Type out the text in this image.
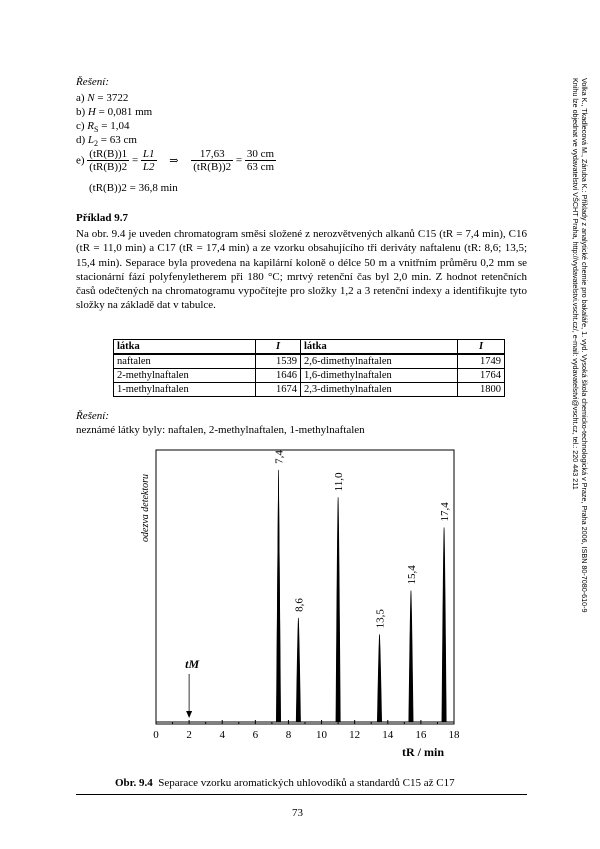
Řešení:
a) N = 3722
b) H = 0,081 mm
c) $R_S = 1,04$
d) $L_2 = 63$ cm
$e) \frac{(tR(B))1}{(tR(B))2} = \frac{L1}{L2}$ ⇒ $\frac{17,63}{(tR(B))2} = \frac{30 cm}{63 cm}$
(tR(B))2 = 36,8 min
Příklad 9.7
Na obr. 9.4 je uveden chromatogram směsi složené z nerozvětvených alkanů C15 (tR = 7,4 min), C16 (tR = 11,0 min) a C17 (tR = 17,4 min) a ze vzorku obsahujícího tři deriváty naftalenu (tR: 8,6; 13,5; 15,4 min). Separace byla provedena na kapilární koloně o délce 50 m a vnitřním průměru 0,2 mm se stacionární fází polyfenyletherem při 180 °C; mrtvý retenční čas byl 2,0 min. Z hodnot retenčních časů odečtených na chromatogramu vypočítejte pro složky 1,2 a 3 retenční indexy a identifikujte tyto složky na základě dat v tabulce.
látka	I	látka	I
naftalen	1539	2,6-dimethylnaftalen	1749
2-methylnaftalen	1646	1,6-dimethylnaftalen	1764
1-methylnaftalen	1674	2,3-dimethylnaftalen	1800
Řešení:
neznámé látky byly: naftalen, 2-methylnaftalen, 1-methylnaftalen
0	2	4	6	8 10 12 14 16 18
7,4
8,6
11,0
13,5
15,4
17,4
tM
odezva detektoru
tR / min
Obr. 9.4 Separace vzorku aromatických uhlovodíků a standardů C15 až C17
73
Volka K., Tkadlecová M., Záruba K.: Příklady z analytické chemie pro bakaláře, 1. vyd. Vysoká škola chemicko-technologická v Praze, Praha 2006, ISBN 80-7080-610-9
Knihu lze objednat ve vydavatelství VŠCHT Praha, http://vydavatelstvi.vscht.cz/, e-mail: vydavatelstvi@vscht.cz, tel.: 220 443 211
